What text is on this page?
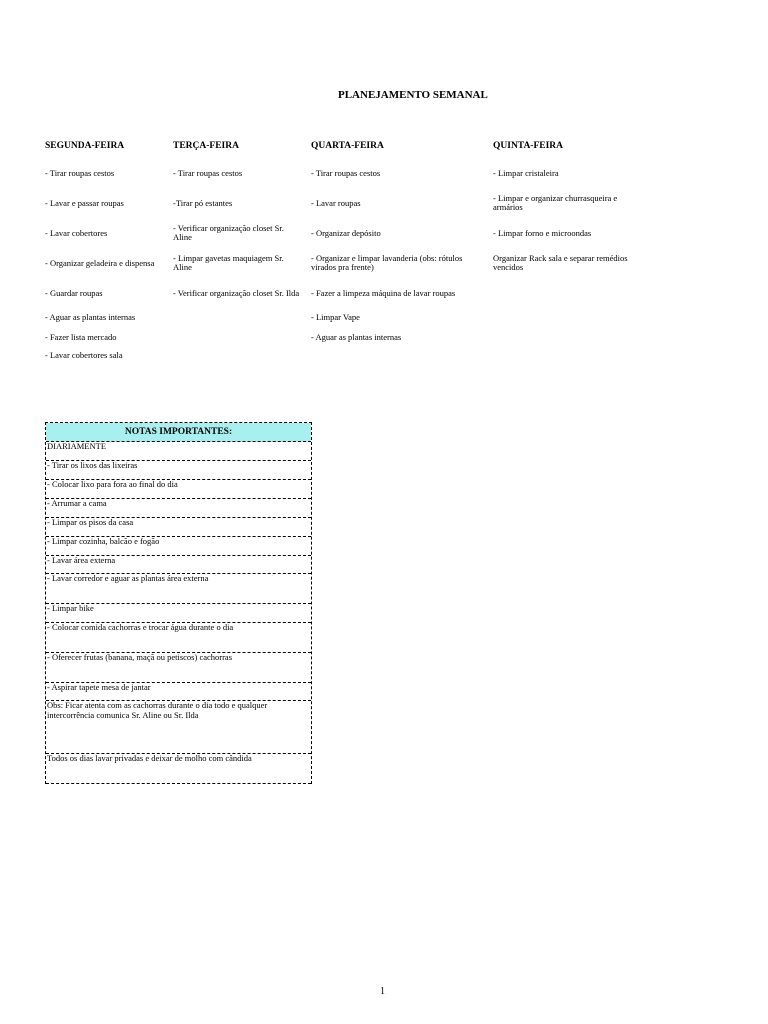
PLANEJAMENTO SEMANAL
SEGUNDA-FEIRA
- Tirar roupas cestos
- Lavar e passar roupas
- Lavar cobertores
- Organizar geladeira e dispensa
- Guardar roupas
- Aguar as plantas internas
- Fazer lista mercado
- Lavar cobertores sala
TERÇA-FEIRA
- Tirar roupas cestos
-Tirar pó estantes
- Verificar organização closet Sr. Aline
- Limpar gavetas maquiagem Sr. Aline
- Verificar organização closet Sr. Ilda
QUARTA-FEIRA
- Tirar roupas cestos
- Lavar roupas
- Organizar depósito
- Organizar e limpar lavanderia (obs: rótulos virados pra frente)
- Fazer a limpeza máquina de lavar roupas
- Limpar Vape
- Aguar as plantas internas
QUINTA-FEIRA
- Limpar cristaleira
- Limpar e organizar churrasqueira e armários
- Limpar forno e microondas
Organizar Rack sala e separar remédios vencidos
NOTAS IMPORTANTES:
DIARIAMENTE
- Tirar os lixos das lixeiras
- Colocar lixo para fora ao final do dia
- Arrumar a cama
- Limpar os pisos da casa
- Limpar cozinha, balcão e fogão
- Lavar área externa
- Lavar corredor e aguar as plantas área externa
- Limpar bike
- Colocar comida cachorras e trocar água durante o dia
- Oferecer frutas (banana, maçã ou petiscos) cachorras
- Aspirar tapete mesa de jantar
Obs: Ficar atenta com as cachorras durante o dia todo e qualquer intercorrência comunica Sr. Aline ou Sr. Ilda
Todos os dias lavar privadas e deixar de molho com cândida
1
